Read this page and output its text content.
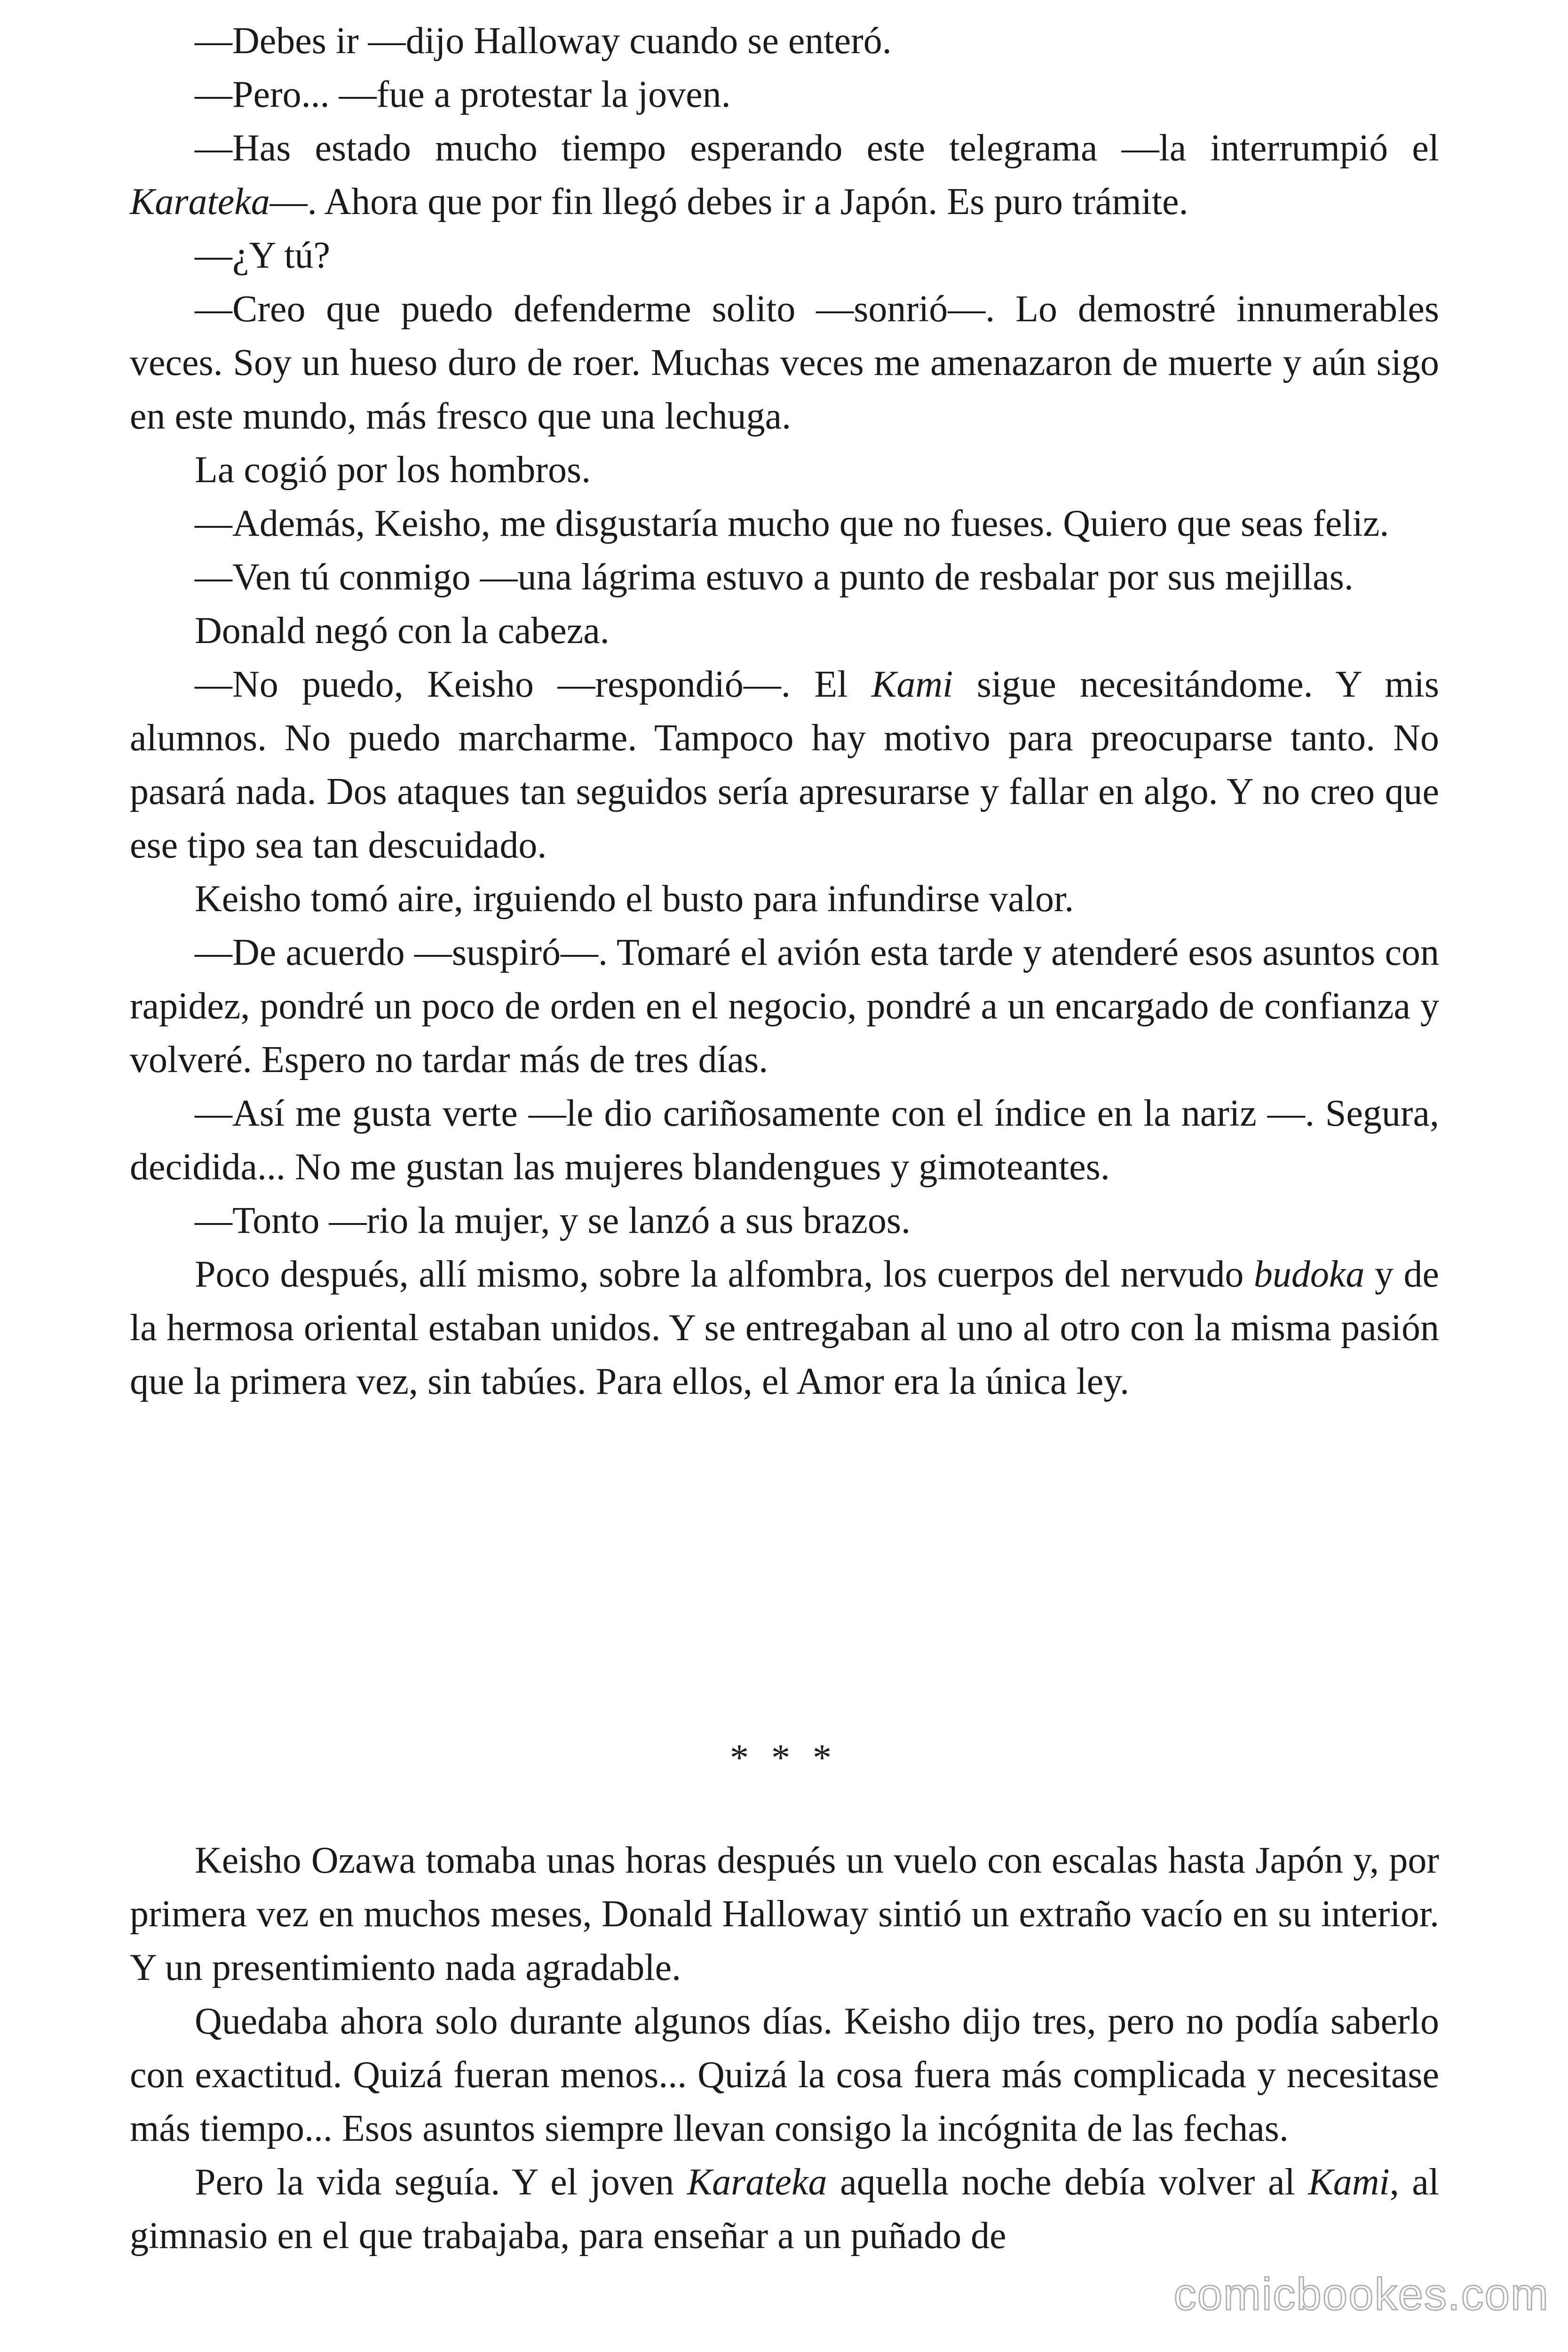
—Debes ir —dijo Halloway cuando se enteró.

—Pero... —fue a protestar la joven.

—Has estado mucho tiempo esperando este telegrama —la interrumpió el Karateka—. Ahora que por fin llegó debes ir a Japón. Es puro trámite.

—¿Y tú?

—Creo que puedo defenderme solito —sonrió—. Lo demostré innumerables veces. Soy un hueso duro de roer. Muchas veces me amenazaron de muerte y aún sigo en este mundo, más fresco que una lechuga.

La cogió por los hombros.

—Además, Keisho, me disgustaría mucho que no fueses. Quiero que seas feliz.

—Ven tú conmigo —una lágrima estuvo a punto de resbalar por sus mejillas.

Donald negó con la cabeza.

—No puedo, Keisho —respondió—. El Kami sigue necesitándome. Y mis alumnos. No puedo marcharme. Tampoco hay motivo para preocuparse tanto. No pasará nada. Dos ataques tan seguidos sería apresurarse y fallar en algo. Y no creo que ese tipo sea tan descuidado.

Keisho tomó aire, irguiendo el busto para infundirse valor.

—De acuerdo —suspiró—. Tomaré el avión esta tarde y atenderé esos asuntos con rapidez, pondré un poco de orden en el negocio, pondré a un encargado de confianza y volveré. Espero no tardar más de tres días.

—Así me gusta verte —le dio cariñosamente con el índice en la nariz —. Segura, decidida... No me gustan las mujeres blandengues y gimoteantes.

—Tonto —rio la mujer, y se lanzó a sus brazos.

Poco después, allí mismo, sobre la alfombra, los cuerpos del nervudo budoka y de la hermosa oriental estaban unidos. Y se entregaban al uno al otro con la misma pasión que la primera vez, sin tabúes. Para ellos, el Amor era la única ley.

* * *

Keisho Ozawa tomaba unas horas después un vuelo con escalas hasta Japón y, por primera vez en muchos meses, Donald Halloway sintió un extraño vacío en su interior. Y un presentimiento nada agradable.

Quedaba ahora solo durante algunos días. Keisho dijo tres, pero no podía saberlo con exactitud. Quizá fueran menos... Quizá la cosa fuera más complicada y necesitase más tiempo... Esos asuntos siempre llevan consigo la incógnita de las fechas.

Pero la vida seguía. Y el joven Karateka aquella noche debía volver al Kami, al gimnasio en el que trabajaba, para enseñar a un puñado de

comicbookes.com
